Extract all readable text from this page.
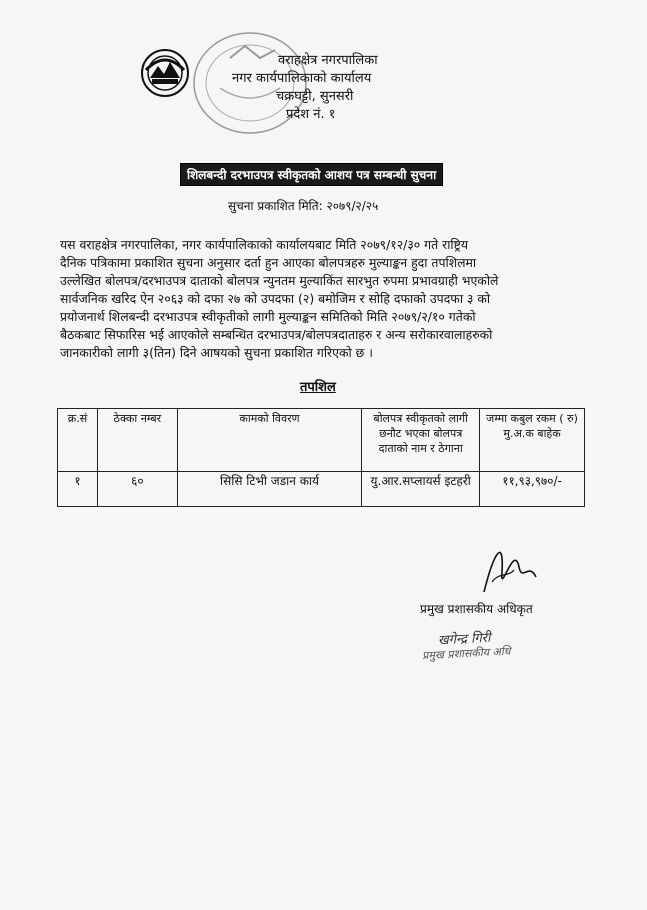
वराहक्षेत्र नगरपालिका
नगर कार्यपालिकाको कार्यालय
चक्रघट्टी, सुनसरी
प्रदेश नं. १
शिलबन्दी दरभाउपत्र स्वीकृतको आशय पत्र सम्बन्धी सुचना
सुचना प्रकाशित मिति: २०७९/२/२५
यस वराहक्षेत्र नगरपालिका, नगर कार्यपालिकाको कार्यालयबाट मिति २०७९/१२/३० गते राष्ट्रिय
दैनिक पत्रिकामा प्रकाशित सुचना अनुसार दर्ता हुन आएका बोलपत्रहरु मुल्याङ्कन हुदा तपशिलमा
उल्लेखित बोलपत्र/दरभाउपत्र दाताको बोलपत्र न्युनतम मुल्याकिंत सारभुत रुपमा प्रभावग्राही भएकोले
सार्वजनिक खरिद ऐन २०६३ को दफा २७ को उपदफा (२) बमोजिम र सोहि दफाको उपदफा ३ को
प्रयोजनार्थ शिलबन्दी दरभाउपत्र स्वीकृतीको लागी मुल्याङ्कन समितिको मिति २०७९/२/१० गतेको
बैठकबाट सिफारिस भई आएकोले सम्बन्धित दरभाउपत्र/बोलपत्रदाताहरु र अन्य सरोकारवालाहरुको
जानकारीको लागी ३(तिन) दिने आषयको सुचना प्रकाशित गरिएको छ ।
तपशिल
क्र.सं	ठेक्का नम्बर	कामको विवरण	बोलपत्र स्वीकृतको लागी छनौट भएका बोलपत्र दाताको नाम र ठेगाना	जम्मा कबुल रकम ( रु) मु.अ.क बाहेक
१	६०	सिसि टिभी जडान कार्य	यु.आर.सप्लायर्स इटहरी	११,९३,९७०/-
प्रमुख प्रशासकीय अधिकृत
खगेन्द्र गिरी
प्रमुख प्रशासकीय अधि
